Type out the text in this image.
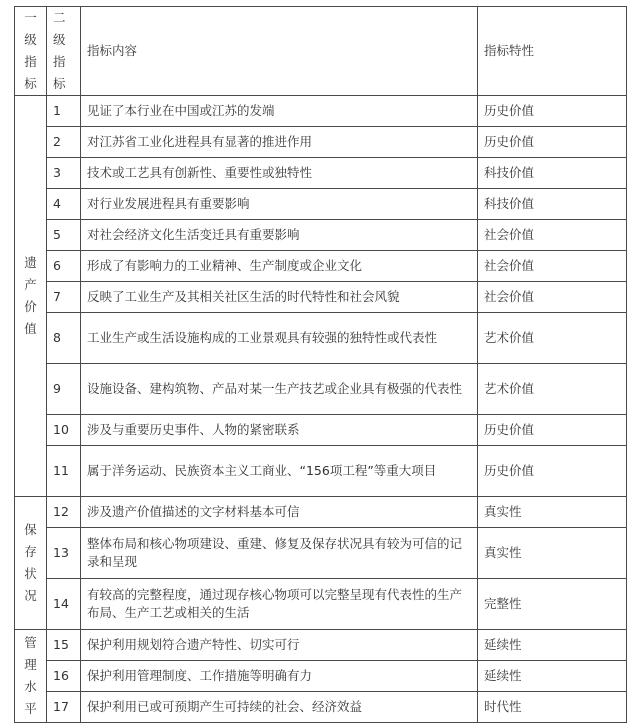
一
级
指
标	二
级
指
标	指标内容	指标特性

遗
产
价
值	1	见证了本行业在中国或江苏的发端	历史价值
	2	对江苏省工业化进程具有显著的推进作用	历史价值
	3	技术或工艺具有创新性、重要性或独特性	科技价值
	4	对行业发展进程具有重要影响	科技价值
	5	对社会经济文化生活变迁具有重要影响	社会价值
	6	形成了有影响力的工业精神、生产制度或企业文化	社会价值
	7	反映了工业生产及其相关社区生活的时代特性和社会风貌	社会价值
	8	工业生产或生活设施构成的工业景观具有较强的独特性或代表性	艺术价值
	9	设施设备、建构筑物、产品对某一生产技艺或企业具有极强的代表性	艺术价值
	10	涉及与重要历史事件、人物的紧密联系	历史价值
	11	属于洋务运动、民族资本主义工商业、“156项工程”等重大项目	历史价值

保
存
状
况	12	涉及遗产价值描述的文字材料基本可信	真实性
	13	整体布局和核心物项建设、重建、修复及保存状况具有较为可信的记录和呈现	真实性
	14	有较高的完整程度，通过现存核心物项可以完整呈现有代表性的生产布局、生产工艺或相关的生活	完整性

管
理
水
平	15	保护利用规划符合遗产特性、切实可行	延续性
	16	保护利用管理制度、工作措施等明确有力	延续性
	17	保护利用已或可预期产生可持续的社会、经济效益	时代性
